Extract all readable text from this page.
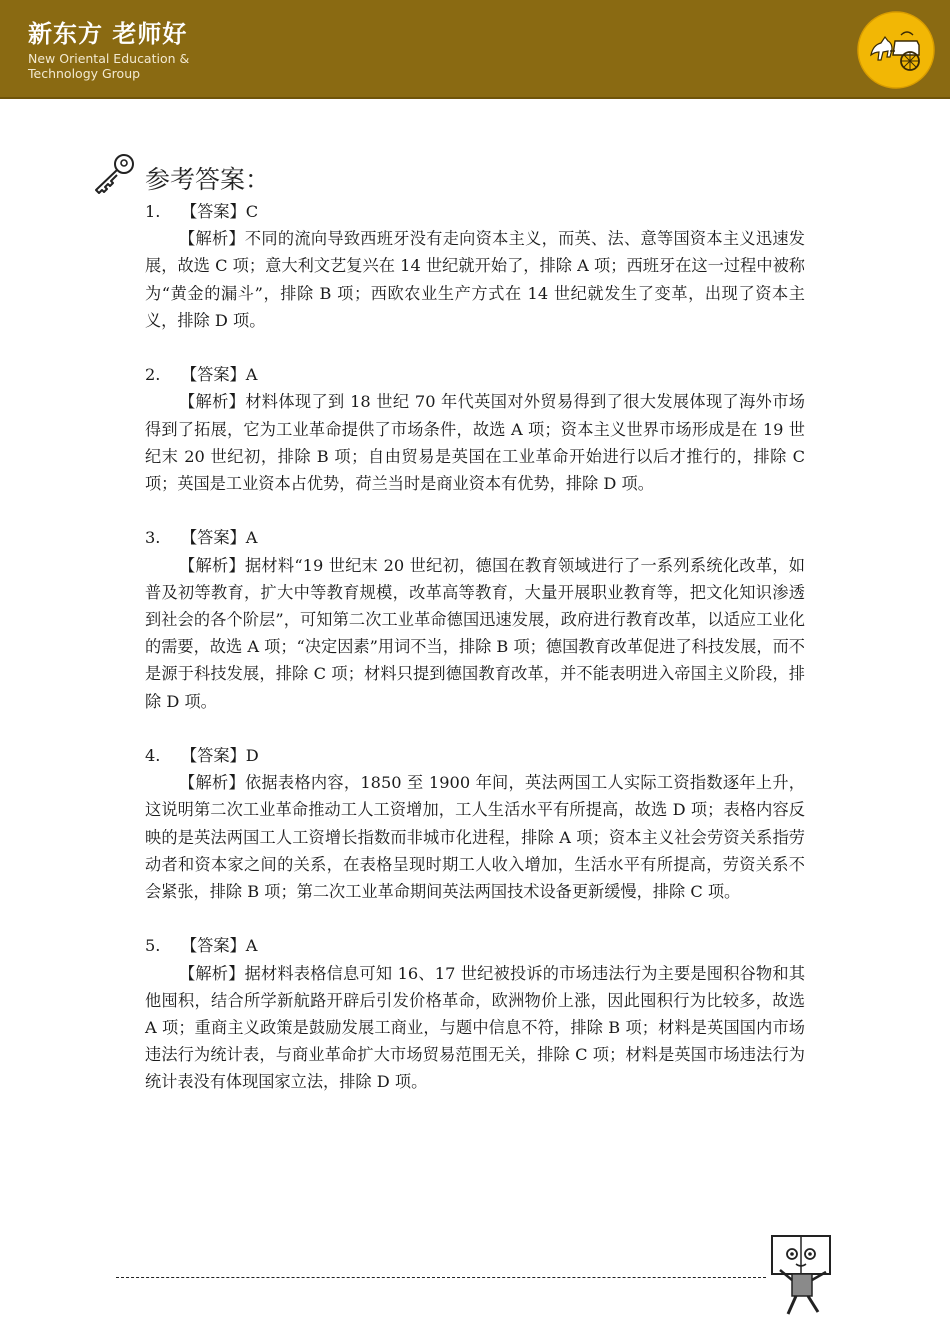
新东方 老师好
New Oriental Education &
Technology Group
参考答案：
1. 【答案】C
【解析】不同的流向导致西班牙没有走向资本主义，而英、法、意等国资本主义迅速发展，故选 C 项；意大利文艺复兴在 14 世纪就开始了，排除 A 项；西班牙在这一过程中被称为“黄金的漏斗”，排除 B 项；西欧农业生产方式在 14 世纪就发生了变革，出现了资本主义，排除 D 项。
2. 【答案】A
【解析】材料体现了到 18 世纪 70 年代英国对外贸易得到了很大发展体现了海外市场得到了拓展，它为工业革命提供了市场条件，故选 A 项；资本主义世界市场形成是在 19 世纪末 20 世纪初，排除 B 项；自由贸易是英国在工业革命开始进行以后才推行的，排除 C 项；英国是工业资本占优势，荷兰当时是商业资本有优势，排除 D 项。
3. 【答案】A
【解析】据材料“19 世纪末 20 世纪初，德国在教育领域进行了一系列系统化改革，如普及初等教育，扩大中等教育规模，改革高等教育，大量开展职业教育等，把文化知识渗透到社会的各个阶层”，可知第二次工业革命德国迅速发展，政府进行教育改革，以适应工业化的需要，故选 A 项；“决定因素”用词不当，排除 B 项；德国教育改革促进了科技发展，而不是源于科技发展，排除 C 项；材料只提到德国教育改革，并不能表明进入帝国主义阶段，排除 D 项。
4. 【答案】D
【解析】依据表格内容，1850 至 1900 年间，英法两国工人实际工资指数逐年上升，这说明第二次工业革命推动工人工资增加，工人生活水平有所提高，故选 D 项；表格内容反映的是英法两国工人工资增长指数而非城市化进程，排除 A 项；资本主义社会劳资关系指劳动者和资本家之间的关系，在表格呈现时期工人收入增加，生活水平有所提高，劳资关系不会紧张，排除 B 项；第二次工业革命期间英法两国技术设备更新缓慢，排除 C 项。
5. 【答案】A
【解析】据材料表格信息可知 16、17 世纪被投诉的市场违法行为主要是囤积谷物和其他囤积，结合所学新航路开辟后引发价格革命，欧洲物价上涨，因此囤积行为比较多，故选 A 项；重商主义政策是鼓励发展工商业，与题中信息不符，排除 B 项；材料是英国国内市场违法行为统计表，与商业革命扩大市场贸易范围无关，排除 C 项；材料是英国市场违法行为统计表没有体现国家立法，排除 D 项。
